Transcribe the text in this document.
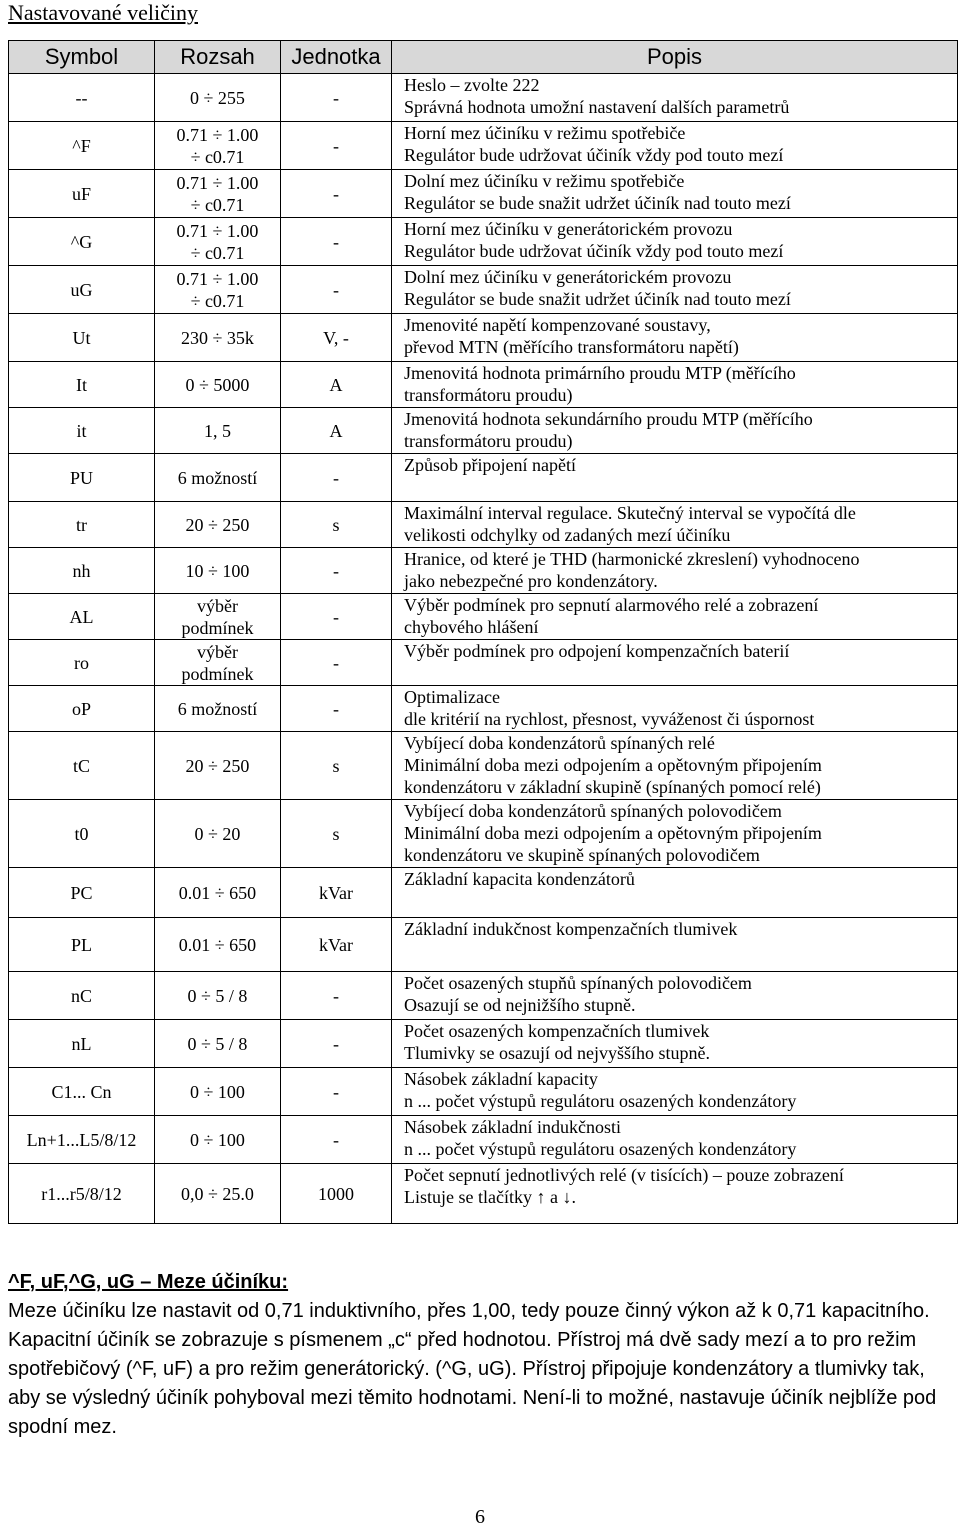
Nastavované veličiny
Symbol	Rozsah	Jednotka	Popis
--	0 ÷ 255	-	Heslo – zvolte 222
Správná hodnota umožní nastavení dalších parametrů

^F	0.71 ÷ 1.00
÷ c0.71	-	Horní mez účiníku v režimu spotřebiče
Regulátor bude udržovat účiník vždy pod touto mezí

uF	0.71 ÷ 1.00
÷ c0.71	-	Dolní mez účiníku v režimu spotřebiče
Regulátor se bude snažit udržet účiník nad touto mezí

^G	0.71 ÷ 1.00
÷ c0.71	-	Horní mez účiníku v generátorickém provozu
Regulátor bude udržovat účiník vždy pod touto mezí

uG	0.71 ÷ 1.00
÷ c0.71	-	Dolní mez účiníku v generátorickém provozu
Regulátor se bude snažit udržet účiník nad touto mezí

Ut	230 ÷ 35k	V, -	Jmenovité napětí kompenzované soustavy,
převod MTN (měřícího transformátoru napětí)

It	0 ÷ 5000	A	Jmenovitá hodnota primárního proudu MTP (měřícího
transformátoru proudu)

it	1, 5	A	Jmenovitá hodnota sekundárního proudu MTP (měřícího
transformátoru proudu)

PU	6 možností	-	Způsob připojení napětí

tr	20 ÷ 250	s	Maximální interval regulace. Skutečný interval se vypočítá dle
velikosti odchylky od zadaných mezí účiníku

nh	10 ÷ 100	-	Hranice, od které je THD (harmonické zkreslení) vyhodnoceno
jako nebezpečné pro kondenzátory.

AL	výběr
podmínek	-	Výběr podmínek pro sepnutí alarmového relé a zobrazení
chybového hlášení

ro	výběr
podmínek	-	Výběr podmínek pro odpojení kompenzačních baterií

oP	6 možností	-	Optimalizace
dle kritérií na rychlost, přesnost, vyváženost či úspornost

tC	20 ÷ 250	s	Vybíjecí doba kondenzátorů spínaných relé
Minimální doba mezi odpojením a opětovným připojením
kondenzátoru v základní skupině (spínaných pomocí relé)

t0	0 ÷ 20	s	Vybíjecí doba kondenzátorů spínaných polovodičem
Minimální doba mezi odpojením a opětovným připojením
kondenzátoru ve skupině spínaných polovodičem

PC	0.01 ÷ 650	kVar	Základní kapacita kondenzátorů

PL	0.01 ÷ 650	kVar	Základní indukčnost kompenzačních tlumivek

nC	0 ÷ 5 / 8	-	Počet osazených stupňů spínaných polovodičem
Osazují se od nejnižšího stupně.

nL	0 ÷ 5 / 8	-	Počet osazených kompenzačních tlumivek
Tlumivky se osazují od nejvyššího stupně.

C1... Cn	0 ÷ 100	-	Násobek základní kapacity
n ... počet výstupů regulátoru osazených kondenzátory

Ln+1...L5/8/12	0 ÷ 100	-	Násobek základní indukčnosti
n ... počet výstupů regulátoru osazených kondenzátory

r1...r5/8/12	0,0 ÷ 25.0	1000	Počet sepnutí jednotlivých relé (v tisících) – pouze zobrazení
Listuje se tlačítky ↑ a ↓.
^F, uF,^G, uG – Meze účiníku:
Meze účiníku lze nastavit od 0,71 induktivního, přes 1,00, tedy pouze činný výkon až k 0,71 kapacitního. Kapacitní účiník se zobrazuje s písmenem „c“ před hodnotou. Přístroj má dvě sady mezí a to pro režim spotřebičový (^F, uF) a pro režim generátorický. (^G, uG). Přístroj připojuje kondenzátory a tlumivky tak, aby se výsledný účiník pohyboval mezi těmito hodnotami. Není-li to možné, nastavuje účiník nejblíže pod spodní mez.
6
